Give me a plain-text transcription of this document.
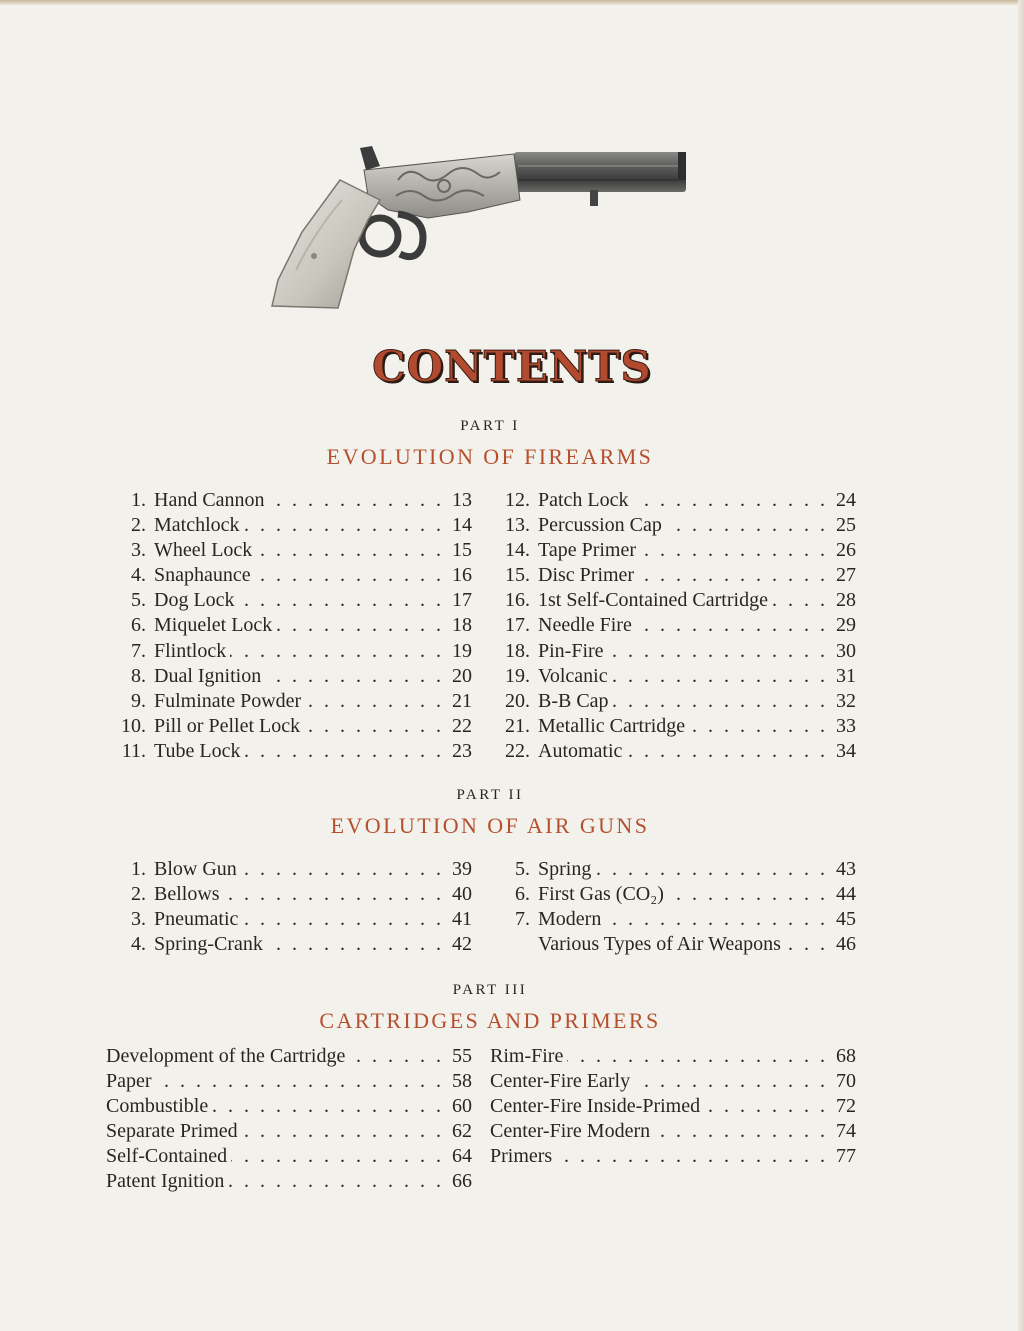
CONTENTS
PART I
EVOLUTION OF FIREARMS
1. Hand Cannon . . .	13
2. Matchlock . . .	14
3. Wheel Lock . . .	15
4. Snaphaunce . . .	16
5. Dog Lock . . .	17
6. Miquelet Lock . . .	18
7. Flintlock . . .	19
8. Dual Ignition . . .	20
9. Fulminate Powder . . .	21
10. Pill or Pellet Lock . . .	22
11. Tube Lock . . .	23
12. Patch Lock . . .	24
13. Percussion Cap . . .	25
14. Tape Primer . . .	26
15. Disc Primer . . .	27
16. 1st Self-Contained Cartridge . . .	28
17. Needle Fire . . .	29
18. Pin-Fire . . .	30
19. Volcanic . . .	31
20. B-B Cap . . .	32
21. Metallic Cartridge . . .	33
22. Automatic . . .	34
PART II
EVOLUTION OF AIR GUNS
1. Blow Gun . . .	39
2. Bellows . . .	40
3. Pneumatic . . .	41
4. Spring-Crank . . .	42
5. Spring . . .	43
6. First Gas (CO₂) . . .	44
7. Modern . . .	45
Various Types of Air Weapons . . .	46
PART III
CARTRIDGES AND PRIMERS
Development of the Cartridge . . .	55
Paper . . .	58
Combustible . . .	60
Separate Primed . . .	62
Self-Contained . . .	64
Patent Ignition . . .	66
Rim-Fire . . .	68
Center-Fire Early . . .	70
Center-Fire Inside-Primed . . .	72
Center-Fire Modern . . .	74
Primers . . .	77
